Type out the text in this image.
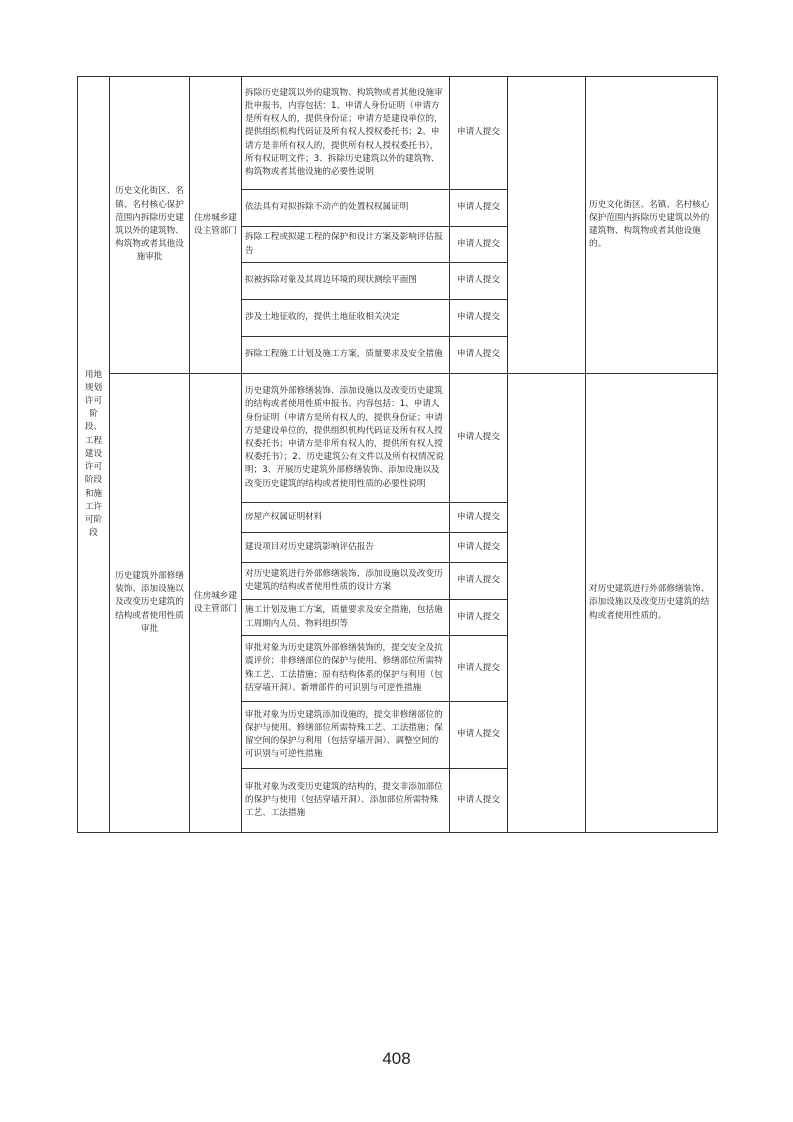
用地规划许可阶段、工程建设许可阶段和施工许可阶段	历史文化街区、名镇、名村核心保护范围内拆除历史建筑以外的建筑物、构筑物或者其他设施审批	住房城乡建设主管部门	拆除历史建筑以外的建筑物、构筑物或者其他设施审批申报书，内容包括：1、申请人身份证明（申请方是所有权人的，提供身份证；申请方是建设单位的，提供组织机构代码证及所有权人授权委托书；2、申请方是非所有权人的，提供所有权人授权委托书），所有权证明文件；3、拆除历史建筑以外的建筑物、构筑物或者其他设施的必要性说明	申请人提交		历史文化街区、名镇、名村核心保护范围内拆除历史建筑以外的建筑物、构筑物或者其他设施的。
			依法具有对拟拆除不动产的处置权权属证明	申请人提交		
			拆除工程或拟建工程的保护和设计方案及影响评估报告	申请人提交		
			拟被拆除对象及其周边环境的现状测绘平面图	申请人提交		
			涉及土地征收的，提供土地征收相关决定	申请人提交		
			拆除工程施工计划及施工方案，质量要求及安全措施	申请人提交		
	历史建筑外部修缮装饰、添加设施以及改变历史建筑的结构或者使用性质审批	住房城乡建设主管部门	历史建筑外部修缮装饰、添加设施以及改变历史建筑的结构或者使用性质申报书。内容包括：1、申请人身份证明（申请方是所有权人的，提供身份证；申请方是建设单位的，提供组织机构代码证及所有权人授权委托书；申请方是非所有权人的，提供所有权人授权委托书）；2、历史建筑公有文件以及所有权情况说明；3、开展历史建筑外部修缮装饰、添加设施以及改变历史建筑的结构或者使用性质的必要性说明	申请人提交		对历史建筑进行外部修缮装饰、添加设施以及改变历史建筑的结构或者使用性质的。
			房屋产权属证明材料	申请人提交		
			建设项目对历史建筑影响评估报告	申请人提交		
			对历史建筑进行外部修缮装饰、添加设施以及改变历史建筑的结构或者使用性质的设计方案	申请人提交		
			施工计划及施工方案，质量要求及安全措施，包括施工周期内人员、物料组织等	申请人提交		
			审批对象为历史建筑外部修缮装饰的，提交安全及抗震评价；非修缮部位的保护与使用、修缮部位所需特殊工艺、工法措施；原有结构体系的保护与利用（包括穿墙开洞）、新增部件的可识别与可逆性措施	申请人提交		
			审批对象为历史建筑添加设施的，提交非修缮部位的保护与使用、修缮部位所需特殊工艺、工法措施；保留空间的保护与利用（包括穿墙开洞）、调整空间的可识别与可逆性措施	申请人提交		
			审批对象为改变历史建筑的结构的，提交非添加部位的保护与使用（包括穿墙开洞）、添加部位所需特殊工艺、工法措施	申请人提交		
408
